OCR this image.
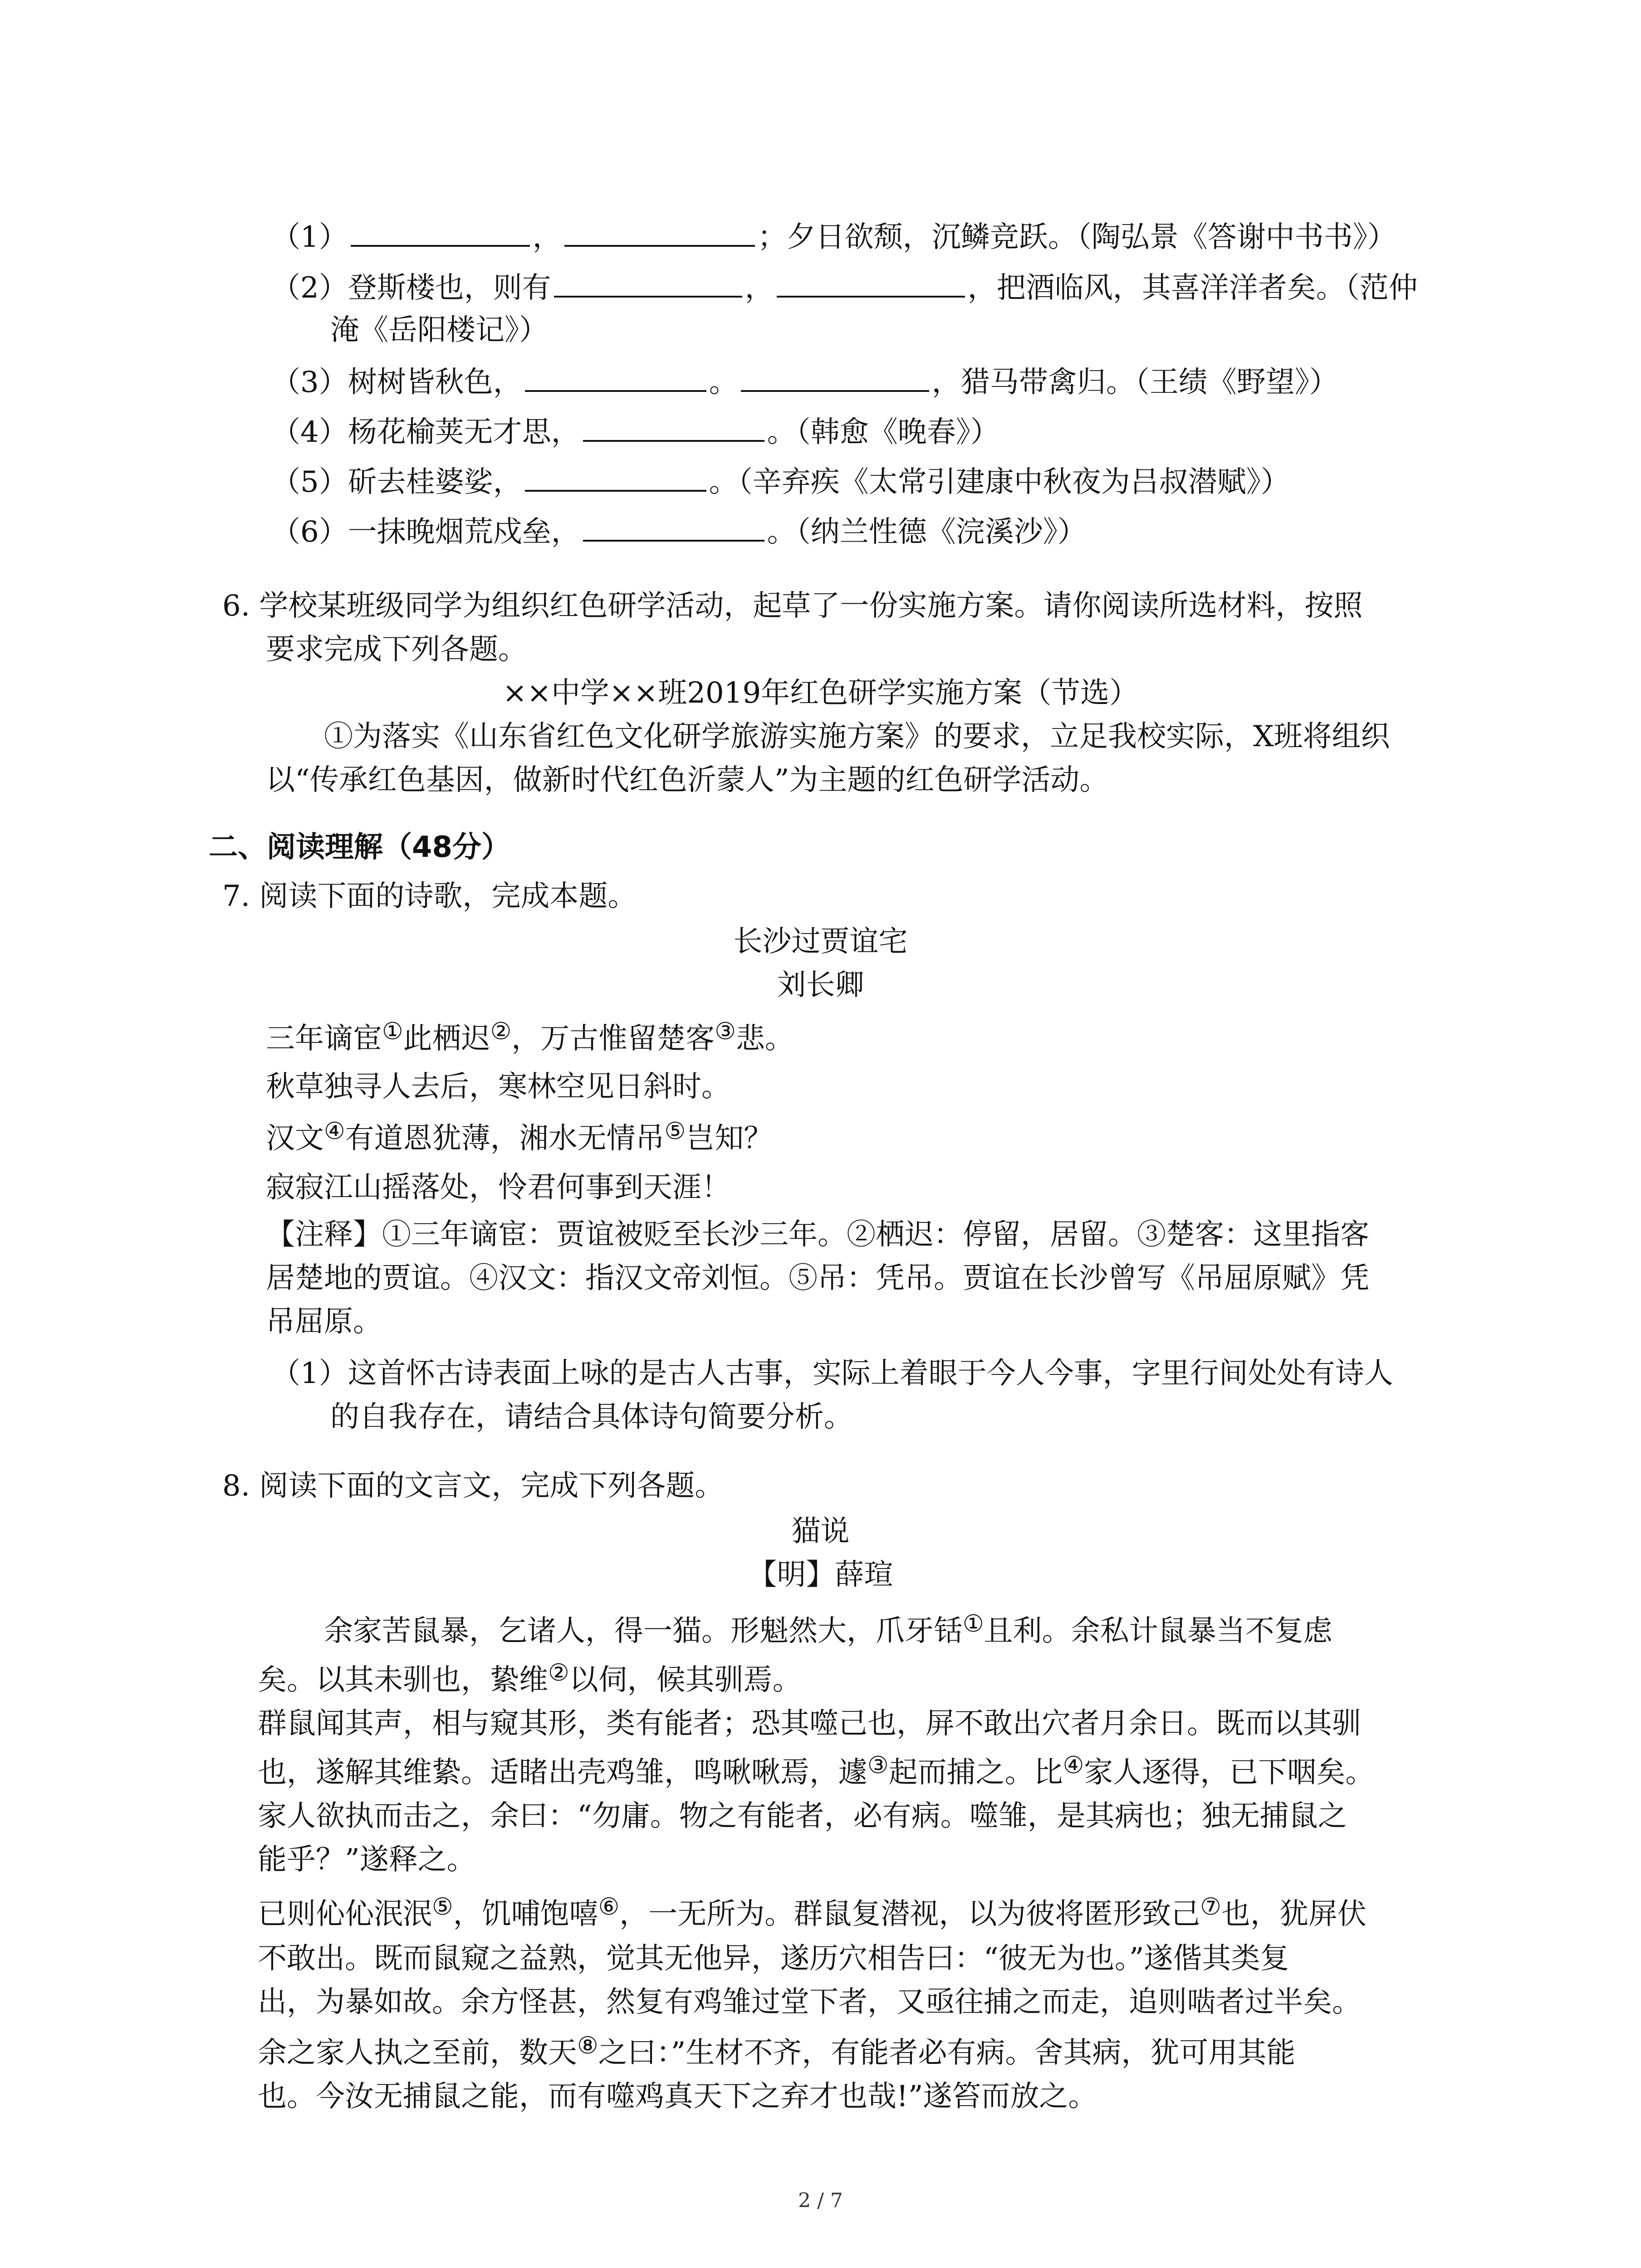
（1）	，	；夕日欲颓，沉鳞竞跃。（陶弘景《答谢中书书》）

（2）登斯楼也，则有	，	，把酒临风，其喜洋洋者矣。（范仲

淹《岳阳楼记》）

（3）树树皆秋色，	。	，猎马带禽归。（王绩《野望》）

（4）杨花榆荚无才思，	。（韩愈《晚春》）

（5）斫去桂婆娑，	。（辛弃疾《太常引建康中秋夜为吕叔潜赋》）

（6）一抹晚烟荒戍垒，	。（纳兰性德《浣溪沙》）

6. 学校某班级同学为组织红色研学活动，起草了一份实施方案。请你阅读所选材料，按照

要求完成下列各题。

××中学××班2019年红色研学实施方案（节选）

①为落实《山东省红色文化研学旅游实施方案》的要求，立足我校实际，X班将组织

以“传承红色基因，做新时代红色沂蒙人”为主题的红色研学活动。

二、阅读理解（48分）

7. 阅读下面的诗歌，完成本题。

长沙过贾谊宅

刘长卿

三年谪宦①此栖迟②，万古惟留楚客③悲。

秋草独寻人去后，寒林空见日斜时。

汉文④有道恩犹薄，湘水无情吊⑤岂知？

寂寂江山摇落处，怜君何事到天涯！

【注释】①三年谪宦：贾谊被贬至长沙三年。②栖迟：停留，居留。③楚客：这里指客

居楚地的贾谊。④汉文：指汉文帝刘恒。⑤吊：凭吊。贾谊在长沙曾写《吊屈原赋》凭

吊屈原。

（1）这首怀古诗表面上咏的是古人古事，实际上着眼于今人今事，字里行间处处有诗人

的自我存在，请结合具体诗句简要分析。

8. 阅读下面的文言文，完成下列各题。

猫说

【明】薛瑄

余家苦鼠暴，乞诸人，得一猫。形魁然大，爪牙铦①且利。余私计鼠暴当不复虑

矣。以其未驯也，絷维②以伺，候其驯焉。

群鼠闻其声，相与窥其形，类有能者；恐其噬己也，屏不敢出穴者月余日。既而以其驯

也，遂解其维絷。适睹出壳鸡雏，鸣啾啾焉，遽③起而捕之。比④家人逐得，已下咽矣。

家人欲执而击之，余曰：“勿庸。物之有能者，必有病。噬雏，是其病也；独无捕鼠之

能乎？”遂释之。

已则伈伈泯泯⑤，饥哺饱嘻⑥，一无所为。群鼠复潜视，以为彼将匿形致己⑦也，犹屏伏

不敢出。既而鼠窥之益熟，觉其无他异，遂历穴相告曰：“彼无为也。”遂偕其类复

出，为暴如故。余方怪甚，然复有鸡雏过堂下者，又亟往捕之而走，追则啮者过半矣。

余之家人执之至前，数天⑧之曰：”生材不齐，有能者必有病。舍其病，犹可用其能

也。今汝无捕鼠之能，而有噬鸡真天下之弃才也哉!”遂笞而放之。

2 / 7
